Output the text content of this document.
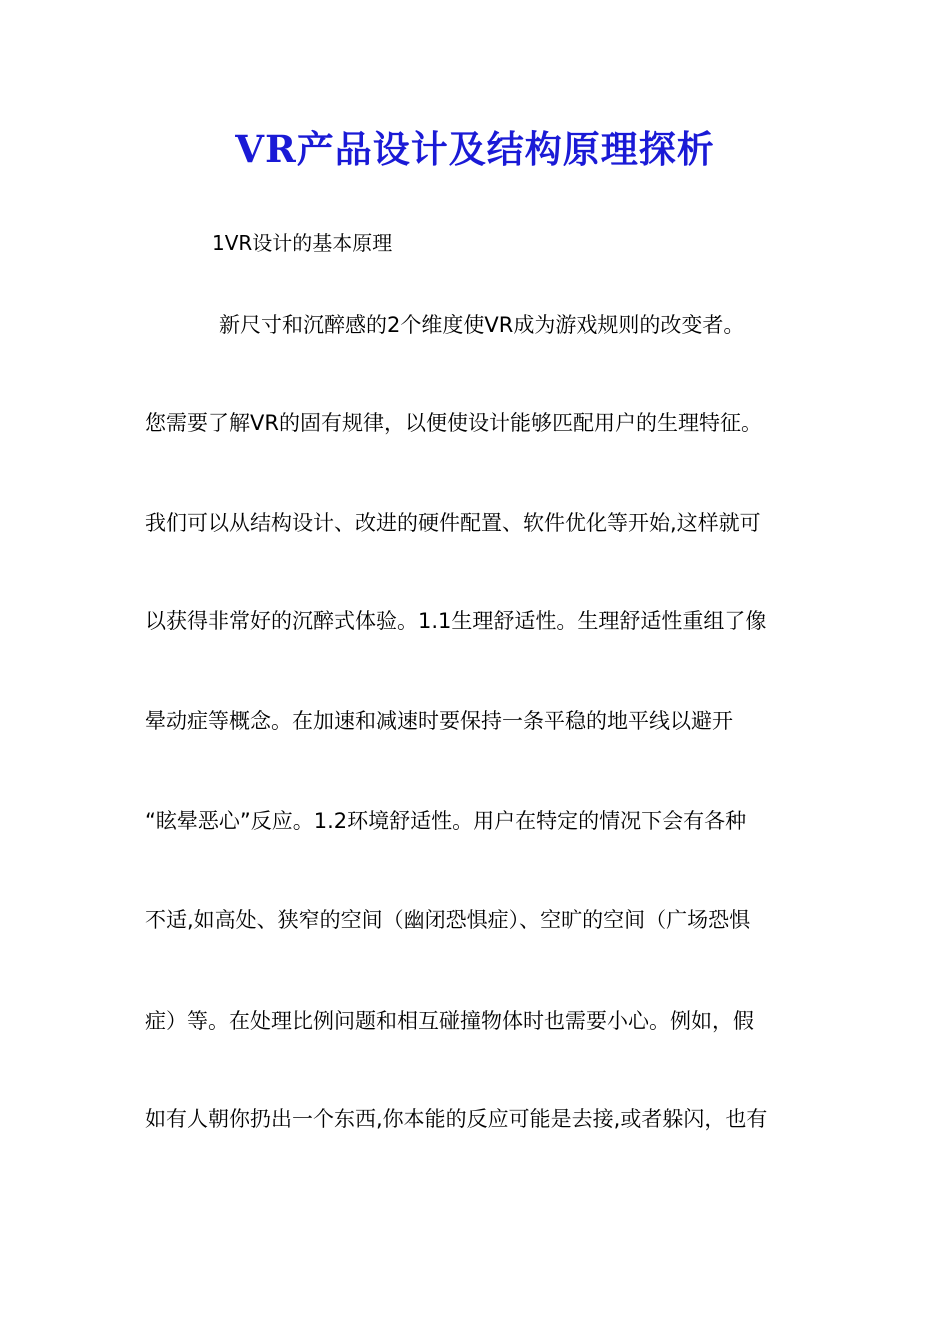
VR产品设计及结构原理探析
1VR设计的基本原理
新尺寸和沉醉感的2个维度使VR成为游戏规则的改变者。
您需要了解VR的固有规律，以便使设计能够匹配用户的生理特征。
我们可以从结构设计、改进的硬件配置、软件优化等开始,这样就可
以获得非常好的沉醉式体验。1.1生理舒适性。生理舒适性重组了像
晕动症等概念。在加速和减速时要保持一条平稳的地平线以避开
“眩晕恶心”反应。1.2环境舒适性。用户在特定的情况下会有各种
不适,如高处、狭窄的空间（幽闭恐惧症）、空旷的空间（广场恐惧
症）等。在处理比例问题和相互碰撞物体时也需要小心。例如，假
如有人朝你扔出一个东西,你本能的反应可能是去接,或者躲闪，也有
